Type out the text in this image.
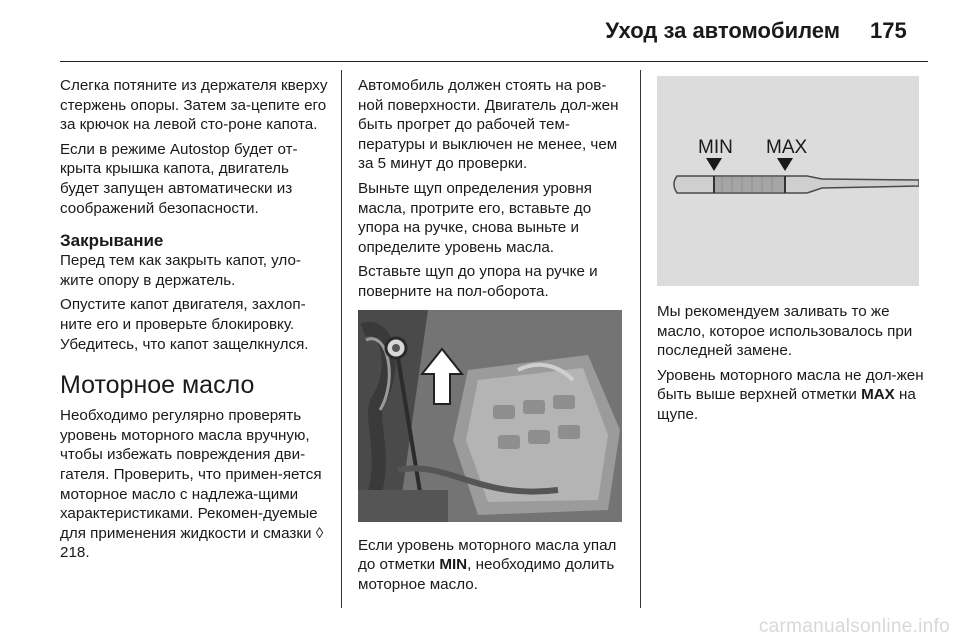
Уход за автомобилем 175

Слегка потяните из держателя кверху стержень опоры. Затем за-цепите его за крючок на левой сто-роне капота.

Если в режиме Autostop будет от-крыта крышка капота, двигатель будет запущен автоматически из соображений безопасности.

Закрывание

Перед тем как закрыть капот, уло-жите опору в держатель.

Опустите капот двигателя, захлоп-ните его и проверьте блокировку. Убедитесь, что капот защелкнулся.

Моторное масло

Необходимо регулярно проверять уровень моторного масла вручную, чтобы избежать повреждения дви-гателя. Проверить, что примен-яется моторное масло с надлежа-щими характеристиками. Рекомен-дуемые для применения жидкости и смазки ◊ 218.

Автомобиль должен стоять на ров-ной поверхности. Двигатель дол-жен быть прогрет до рабочей тем-пературы и выключен не менее, чем за 5 минут до проверки.

Выньте щуп определения уровня масла, протрите его, вставьте до упора на ручке, снова выньте и определите уровень масла.

Вставьте щуп до упора на ручке и поверните на пол-оборота.

Если уровень моторного масла упал до отметки MIN, необходимо долить моторное масло.

MIN MAX

Мы рекомендуем заливать то же масло, которое использовалось при последней замене.

Уровень моторного масла не дол-жен быть выше верхней отметки MAX на щупе.

carmanualsonline.info
